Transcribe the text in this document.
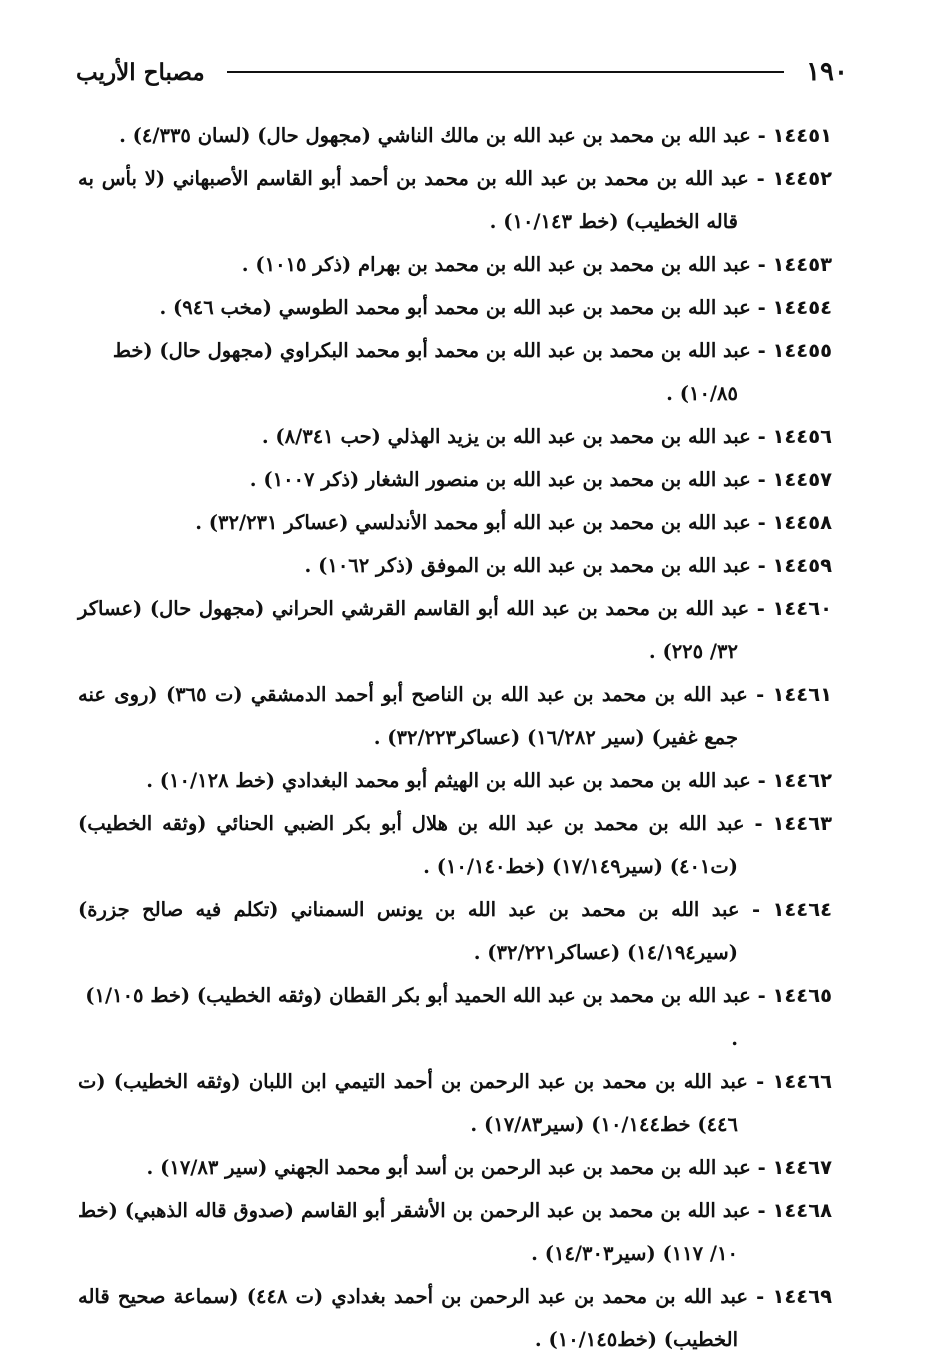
١٩٠
مصباح الأريب

١٤٤٥١ - عبد الله بن محمد بن عبد الله بن مالك الناشي (مجهول حال) (لسان ٤/٣٣٥) .

١٤٤٥٢ - عبد الله بن محمد بن عبد الله بن محمد بن أحمد أبو القاسم الأصبهاني (لا بأس به قاله الخطيب) (خط ١٠/١٤٣) .

١٤٤٥٣ - عبد الله بن محمد بن عبد الله بن محمد بن بهرام (ذكر ١٠١٥) .

١٤٤٥٤ - عبد الله بن محمد بن عبد الله بن محمد أبو محمد الطوسي (مخب ٩٤٦) .

١٤٤٥٥ - عبد الله بن محمد بن عبد الله بن محمد أبو محمد البكراوي (مجهول حال) (خط ١٠/٨٥) .

١٤٤٥٦ - عبد الله بن محمد بن عبد الله بن يزيد الهذلي (حب ٨/٣٤١) .

١٤٤٥٧ - عبد الله بن محمد بن عبد الله بن منصور الشغار (ذكر ١٠٠٧) .

١٤٤٥٨ - عبد الله بن محمد بن عبد الله أبو محمد الأندلسي (عساكر ٣٢/٢٣١) .

١٤٤٥٩ - عبد الله بن محمد بن عبد الله بن الموفق (ذكر ١٠٦٢) .

١٤٤٦٠ - عبد الله بن محمد بن عبد الله أبو القاسم القرشي الحراني (مجهول حال) (عساكر ٣٢/ ٢٢٥) .

١٤٤٦١ - عبد الله بن محمد بن عبد الله بن الناصح أبو أحمد الدمشقي (ت ٣٦٥) (روى عنه جمع غفير) (سير ١٦/٢٨٢) (عساكر٣٢/٢٢٣) .

١٤٤٦٢ - عبد الله بن محمد بن عبد الله بن الهيثم أبو محمد البغدادي (خط ١٠/١٢٨) .

١٤٤٦٣ - عبد الله بن محمد بن عبد الله بن هلال أبو بكر الضبي الحنائي (وثقه الخطيب) (ت٤٠١) (سير١٧/١٤٩) (خط١٠/١٤٠) .

١٤٤٦٤ - عبد الله بن محمد بن عبد الله بن يونس السمناني (تكلم فيه صالح جزرة) (سير١٤/١٩٤) (عساكر٣٢/٢٢١) .

١٤٤٦٥ - عبد الله بن محمد بن عبد الله الحميد أبو بكر القطان (وثقه الخطيب) (خط ١/١٠٥) .

١٤٤٦٦ - عبد الله بن محمد بن عبد الرحمن بن أحمد التيمي ابن اللبان (وثقه الخطيب) (ت ٤٤٦) خط١٠/١٤٤) (سير١٧/٨٣) .

١٤٤٦٧ - عبد الله بن محمد بن عبد الرحمن بن أسد أبو محمد الجهني (سير ١٧/٨٣) .

١٤٤٦٨ - عبد الله بن محمد بن عبد الرحمن بن الأشقر أبو القاسم (صدوق قاله الذهبي) (خط ١٠/ ١١٧) (سير١٤/٣٠٣) .

١٤٤٦٩ - عبد الله بن محمد بن عبد الرحمن بن أحمد بغدادي (ت ٤٤٨) (سماعة صحيح قاله الخطيب) (خط١٠/١٤٥) .
